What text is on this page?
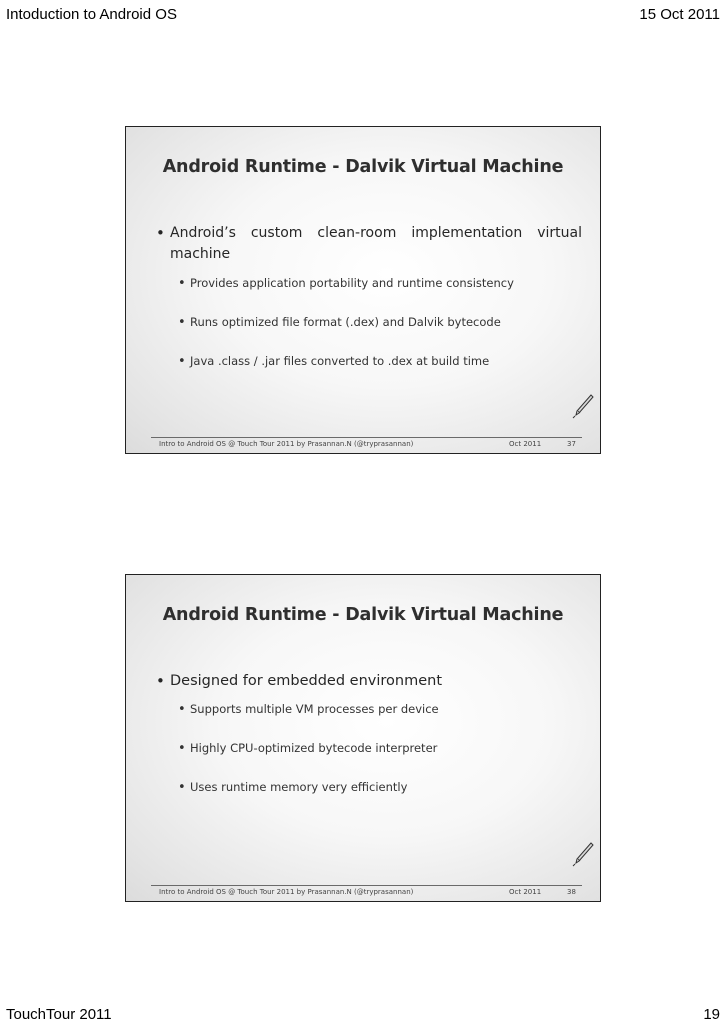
Intoduction to Android OS	15 Oct 2011
Android Runtime - Dalvik Virtual Machine
• Android’s custom clean-room implementation virtual machine
• Provides application portability and runtime consistency
• Runs optimized file format (.dex) and Dalvik bytecode
• Java .class / .jar files converted to .dex at build time
Intro to Android OS @ Touch Tour 2011 by Prasannan.N (@tryprasannan)	Oct 2011	37
Android Runtime - Dalvik Virtual Machine
• Designed for embedded environment
• Supports multiple VM processes per device
• Highly CPU-optimized bytecode interpreter
• Uses runtime memory very efficiently
Intro to Android OS @ Touch Tour 2011 by Prasannan.N (@tryprasannan)	Oct 2011	38
TouchTour 2011	19
